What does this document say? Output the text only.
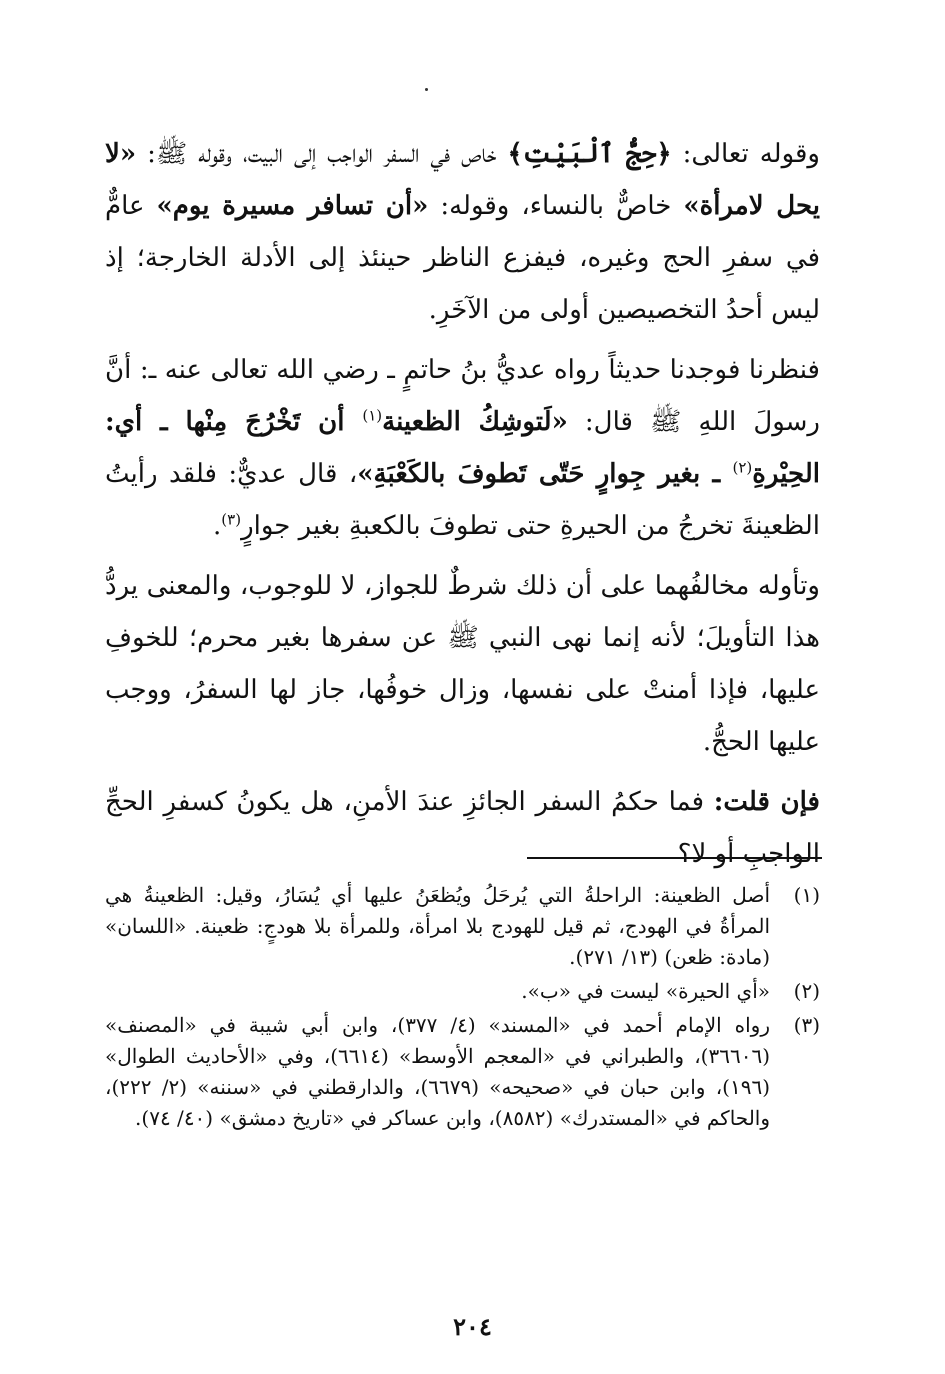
وقوله تعالى: ﴿حِجُّ ٱلْبَيْتِ﴾ خاص في السفر الواجب إلى البيت، وقوله ﷺ: «لا يحل لامرأة» خاصٌّ بالنساء، وقوله: «أن تسافر مسيرة يوم» عامٌّ في سفرِ الحج وغيره، فيفزع الناظر حينئذ إلى الأدلة الخارجة؛ إذ ليس أحدُ التخصيصين أولى من الآخَرِ.

فنظرنا فوجدنا حديثاً رواه عديُّ بنُ حاتمٍ ـ رضي الله تعالى عنه ـ: أنَّ رسولَ اللهِ ﷺ قال: «لَتوشِكُ الظعينة$^{(١)}$ أن تَخْرُجَ مِنْها ـ أي: الحِيْرةِ$^{(٢)}$ ـ بغير جِوارٍ حَتّى تَطوفَ بالكَعْبَةِ»، قال عديٌّ: فلقد رأيتُ الظعينةَ تخرجُ من الحيرةِ حتى تطوفَ بالكعبةِ بغير جوارٍ$^{(٣)}$.

وتأوله مخالفُهما على أن ذلك شرطٌ للجواز، لا للوجوب، والمعنى يردُّ هذا التأويلَ؛ لأنه إنما نهى النبي ﷺ عن سفرها بغير محرم؛ للخوفِ عليها، فإذا أمنتْ على نفسها، وزال خوفُها، جاز لها السفرُ، ووجب عليها الحجُّ.

فإن قلت: فما حكمُ السفر الجائزِ عندَ الأمنِ، هل يكونُ كسفرِ الحجِّ الواجبِ أو لا؟

(١)
أصل الظعينة: الراحلةُ التي يُرحَلُ ويُظعَنُ عليها أي يُسَارُ، وقيل: الظعينةُ هي المرأةُ في الهودج، ثم قيل للهودج بلا امرأة، وللمرأة بلا هودجٍ: ظعينة. «اللسان» (مادة: ظعن) (١٣/ ٢٧١).
(٢)
«أي الحيرة» ليست في «ب».
(٣)
رواه الإمام أحمد في «المسند» (٤/ ٣٧٧)، وابن أبي شيبة في «المصنف» (٣٦٦٠٦)، والطبراني في «المعجم الأوسط» (٦٦١٤)، وفي «الأحاديث الطوال» (١٩٦)، وابن حبان في «صحيحه» (٦٦٧٩)، والدارقطني في «سننه» (٢/ ٢٢٢)، والحاكم في «المستدرك» (٨٥٨٢)، وابن عساكر في «تاريخ دمشق» (٤٠/ ٧٤).
٢٠٤
